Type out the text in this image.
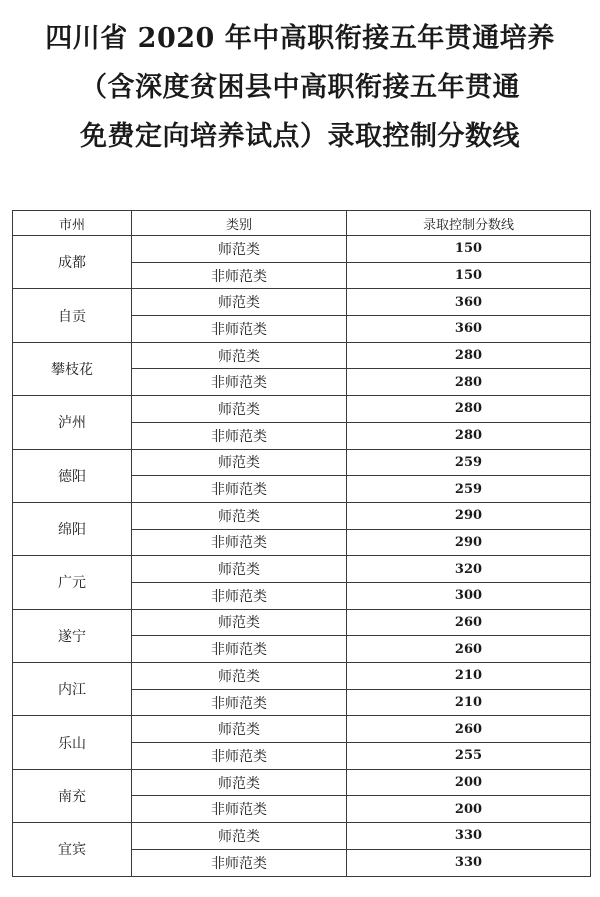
四川省 2020 年中高职衔接五年贯通培养
（含深度贫困县中高职衔接五年贯通
免费定向培养试点）录取控制分数线
市州	类别	录取控制分数线
成都	师范类	150
	非师范类	150
自贡	师范类	360
	非师范类	360
攀枝花	师范类	280
	非师范类	280
泸州	师范类	280
	非师范类	280
德阳	师范类	259
	非师范类	259
绵阳	师范类	290
	非师范类	290
广元	师范类	320
	非师范类	300
遂宁	师范类	260
	非师范类	260
内江	师范类	210
	非师范类	210
乐山	师范类	260
	非师范类	255
南充	师范类	200
	非师范类	200
宜宾	师范类	330
	非师范类	330
